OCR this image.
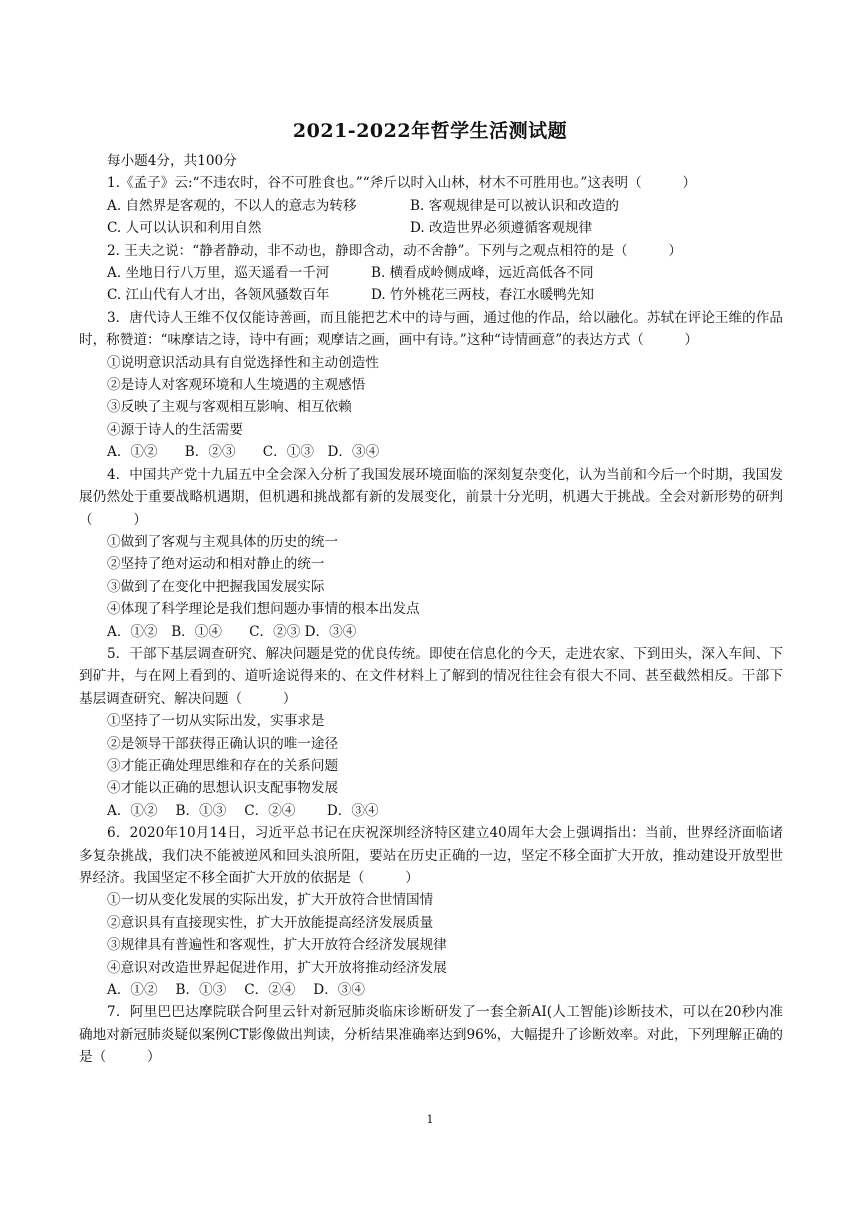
2021-2022年哲学生活测试题
每小题4分，共100分
1.《孟子》云:“不违农时，谷不可胜食也。”“斧斤以时入山林，材木不可胜用也。”这表明（　　　）
A. 自然界是客观的，不以人的意志为转移	B. 客观规律是可以被认识和改造的
C. 人可以认识和利用自然	D. 改造世界必须遵循客观规律
2. 王夫之说：“静者静动，非不动也，静即含动，动不舍静”。下列与之观点相符的是（　　　）
A. 坐地日行八万里，巡天遥看一千河	B. 横看成岭侧成峰，远近高低各不同
C. 江山代有人才出，各领风骚数百年	D. 竹外桃花三两枝，春江水暖鸭先知
3．唐代诗人王维不仅仅能诗善画，而且能把艺术中的诗与画，通过他的作品，给以融化。苏轼在评论王维的作品时，称赞道：“味摩诘之诗，诗中有画；观摩诘之画，画中有诗。”这种“诗情画意”的表达方式（　　　）
①说明意识活动具有自觉选择性和主动创造性
②是诗人对客观环境和人生境遇的主观感悟
③反映了主观与客观相互影响、相互依赖
④源于诗人的生活需要
A．①②　　B．②③　　C．①③　D．③④
4．中国共产党十九届五中全会深入分析了我国发展环境面临的深刻复杂变化，认为当前和今后一个时期，我国发展仍然处于重要战略机遇期，但机遇和挑战都有新的发展变化，前景十分光明，机遇大于挑战。全会对新形势的研判（　　　）
①做到了客观与主观具体的历史的统一
②坚持了绝对运动和相对静止的统一
③做到了在变化中把握我国发展实际
④体现了科学理论是我们想问题办事情的根本出发点
A．①②　B．①④　　C．②③ D．③④
5．干部下基层调查研究、解决问题是党的优良传统。即使在信息化的今天，走进农家、下到田头，深入车间、下到矿井，与在网上看到的、道听途说得来的、在文件材料上了解到的情况往往会有很大不同、甚至截然相反。干部下基层调查研究、解决问题（　　　）
①坚持了一切从实际出发，实事求是
②是领导干部获得正确认识的唯一途径
③才能正确处理思维和存在的关系问题
④才能以正确的思想认识支配事物发展
A．①②　 B．①③　 C．②④　　 D．③④
6．2020年10月14日，习近平总书记在庆祝深圳经济特区建立40周年大会上强调指出：当前，世界经济面临诸多复杂挑战，我们决不能被逆风和回头浪所阻，要站在历史正确的一边，坚定不移全面扩大开放，推动建设开放型世界经济。我国坚定不移全面扩大开放的依据是（　　　）
①一切从变化发展的实际出发，扩大开放符合世情国情
②意识具有直接现实性，扩大开放能提高经济发展质量
③规律具有普遍性和客观性，扩大开放符合经济发展规律
④意识对改造世界起促进作用，扩大开放将推动经济发展
A．①②　 B．①③　 C．②④　 D．③④
7．阿里巴巴达摩院联合阿里云针对新冠肺炎临床诊断研发了一套全新AI(人工智能)诊断技术，可以在20秒内准确地对新冠肺炎疑似案例CT影像做出判读，分析结果准确率达到96%，大幅提升了诊断效率。对此，下列理解正确的是（　　　）
1
